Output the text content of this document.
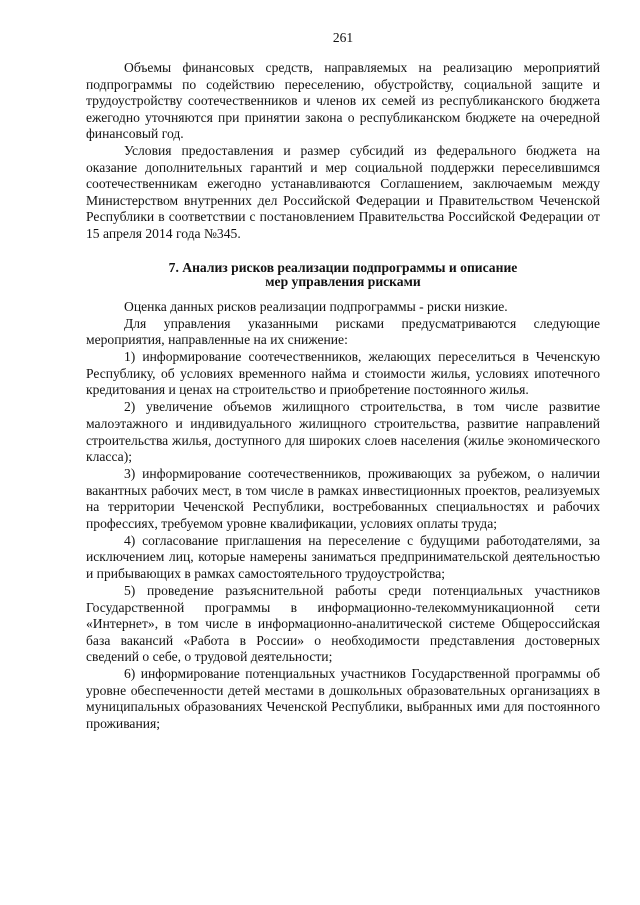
261

Объемы финансовых средств, направляемых на реализацию мероприятий подпрограммы по содействию переселению, обустройству, социальной защите и трудоустройству соотечественников и членов их семей из республиканского бюджета ежегодно уточняются при принятии закона о республиканском бюджете на очередной финансовый год.

Условия предоставления и размер субсидий из федерального бюджета на оказание дополнительных гарантий и мер социальной поддержки переселившимся соотечественникам ежегодно устанавливаются Соглашением, заключаемым между Министерством внутренних дел Российской Федерации и Правительством Чеченской Республики в соответствии с постановлением Правительства Российской Федерации от 15 апреля 2014 года №345.

7. Анализ рисков реализации подпрограммы и описание
мер управления рисками

Оценка данных рисков реализации подпрограммы - риски низкие.

Для управления указанными рисками предусматриваются следующие мероприятия, направленные на их снижение:

1) информирование соотечественников, желающих переселиться в Чеченскую Республику, об условиях временного найма и стоимости жилья, условиях ипотечного кредитования и ценах на строительство и приобретение постоянного жилья.

2) увеличение объемов жилищного строительства, в том числе развитие малоэтажного и индивидуального жилищного строительства, развитие направлений строительства жилья, доступного для широких слоев населения (жилье экономического класса);

3) информирование соотечественников, проживающих за рубежом, о наличии вакантных рабочих мест, в том числе в рамках инвестиционных проектов, реализуемых на территории Чеченской Республики, востребованных специальностях и рабочих профессиях, требуемом уровне квалификации, условиях оплаты труда;

4) согласование приглашения на переселение с будущими работодателями, за исключением лиц, которые намерены заниматься предпринимательской деятельностью и прибывающих в рамках самостоятельного трудоустройства;

5) проведение разъяснительной работы среди потенциальных участников Государственной программы в информационно-телекоммуникационной сети «Интернет», в том числе в информационно-аналитической системе Общероссийская база вакансий «Работа в России» о необходимости представления достоверных сведений о себе, о трудовой деятельности;

6) информирование потенциальных участников Государственной программы об уровне обеспеченности детей местами в дошкольных образовательных организациях в муниципальных образованиях Чеченской Республики, выбранных ими для постоянного проживания;
